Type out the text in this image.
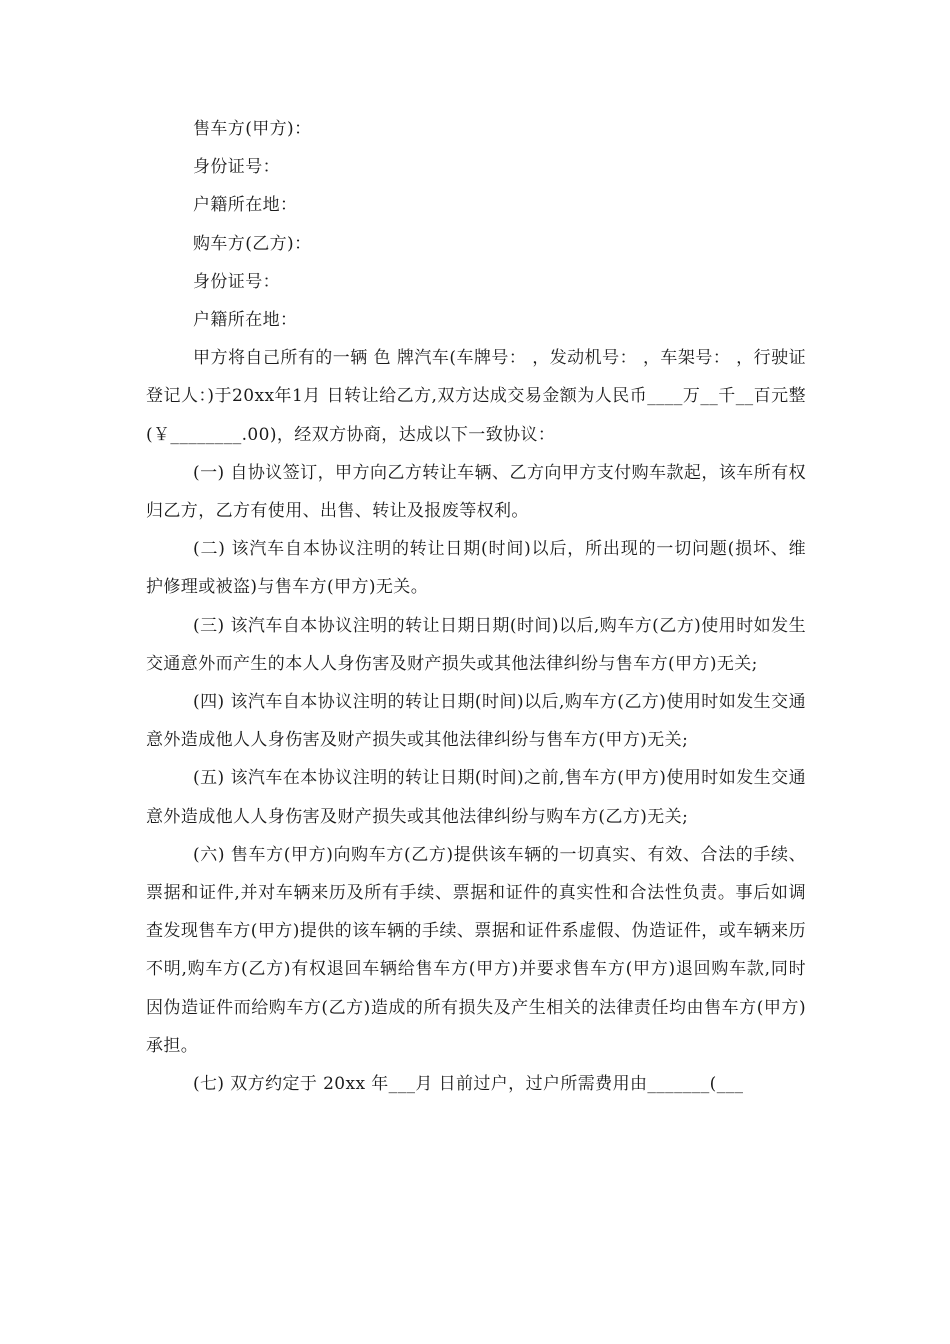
售车方(甲方)：

身份证号：

户籍所在地：

购车方(乙方)：

身份证号：

户籍所在地：

甲方将自己所有的一辆 色 牌汽车(车牌号： ，发动机号： ，车架号： ，行驶证登记人：)于20xx年1月 日转让给乙方,双方达成交易金额为人民币____万__千__百元整(￥________.00)，经双方协商，达成以下一致协议：

(一) 自协议签订，甲方向乙方转让车辆、乙方向甲方支付购车款起，该车所有权归乙方，乙方有使用、出售、转让及报废等权利。

(二) 该汽车自本协议注明的转让日期(时间)以后，所出现的一切问题(损坏、维护修理或被盗)与售车方(甲方)无关。

(三) 该汽车自本协议注明的转让日期日期(时间)以后,购车方(乙方)使用时如发生交通意外而产生的本人人身伤害及财产损失或其他法律纠纷与售车方(甲方)无关;

(四) 该汽车自本协议注明的转让日期(时间)以后,购车方(乙方)使用时如发生交通意外造成他人人身伤害及财产损失或其他法律纠纷与售车方(甲方)无关;

(五) 该汽车在本协议注明的转让日期(时间)之前,售车方(甲方)使用时如发生交通意外造成他人人身伤害及财产损失或其他法律纠纷与购车方(乙方)无关;

(六) 售车方(甲方)向购车方(乙方)提供该车辆的一切真实、有效、合法的手续、票据和证件,并对车辆来历及所有手续、票据和证件的真实性和合法性负责。事后如调查发现售车方(甲方)提供的该车辆的手续、票据和证件系虚假、伪造证件，或车辆来历不明,购车方(乙方)有权退回车辆给售车方(甲方)并要求售车方(甲方)退回购车款,同时因伪造证件而给购车方(乙方)造成的所有损失及产生相关的法律责任均由售车方(甲方)承担。

(七) 双方约定于 20xx 年___月 日前过户，过户所需费用由_______(___
